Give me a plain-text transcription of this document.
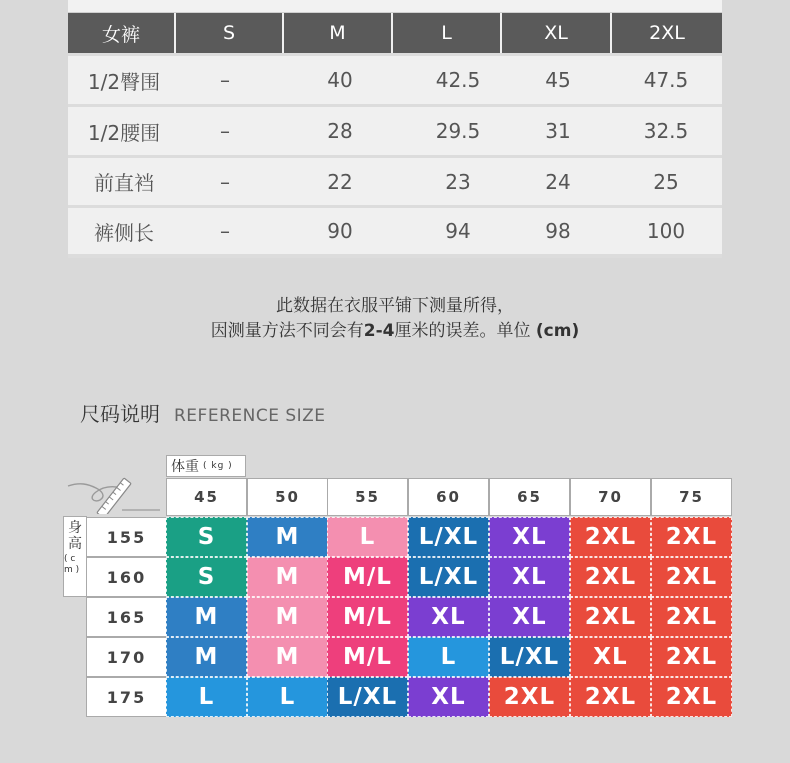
女裤	S	M	L	XL	2XL
1/2臀围	–	40	42.5	45	47.5
1/2腰围	–	28	29.5	31	32.5
前直裆	–	22	23	24	25
裤侧长	–	90	94	98	100
此数据在衣服平铺下测量所得，
因测量方法不同会有2-4厘米的误差。单位 (cm)
尺码说明 REFERENCE SIZE
体重 ( kg )
身
高
( c m )
45	50	55	60	65	70	75
155	S	M	L	L/XL	XL	2XL	2XL
160	S	M	M/L	L/XL	XL	2XL	2XL
165	M	M	M/L	XL	XL	2XL	2XL
170	M	M	M/L	L	L/XL	XL	2XL
175	L	L	L/XL	XL	2XL	2XL	2XL
